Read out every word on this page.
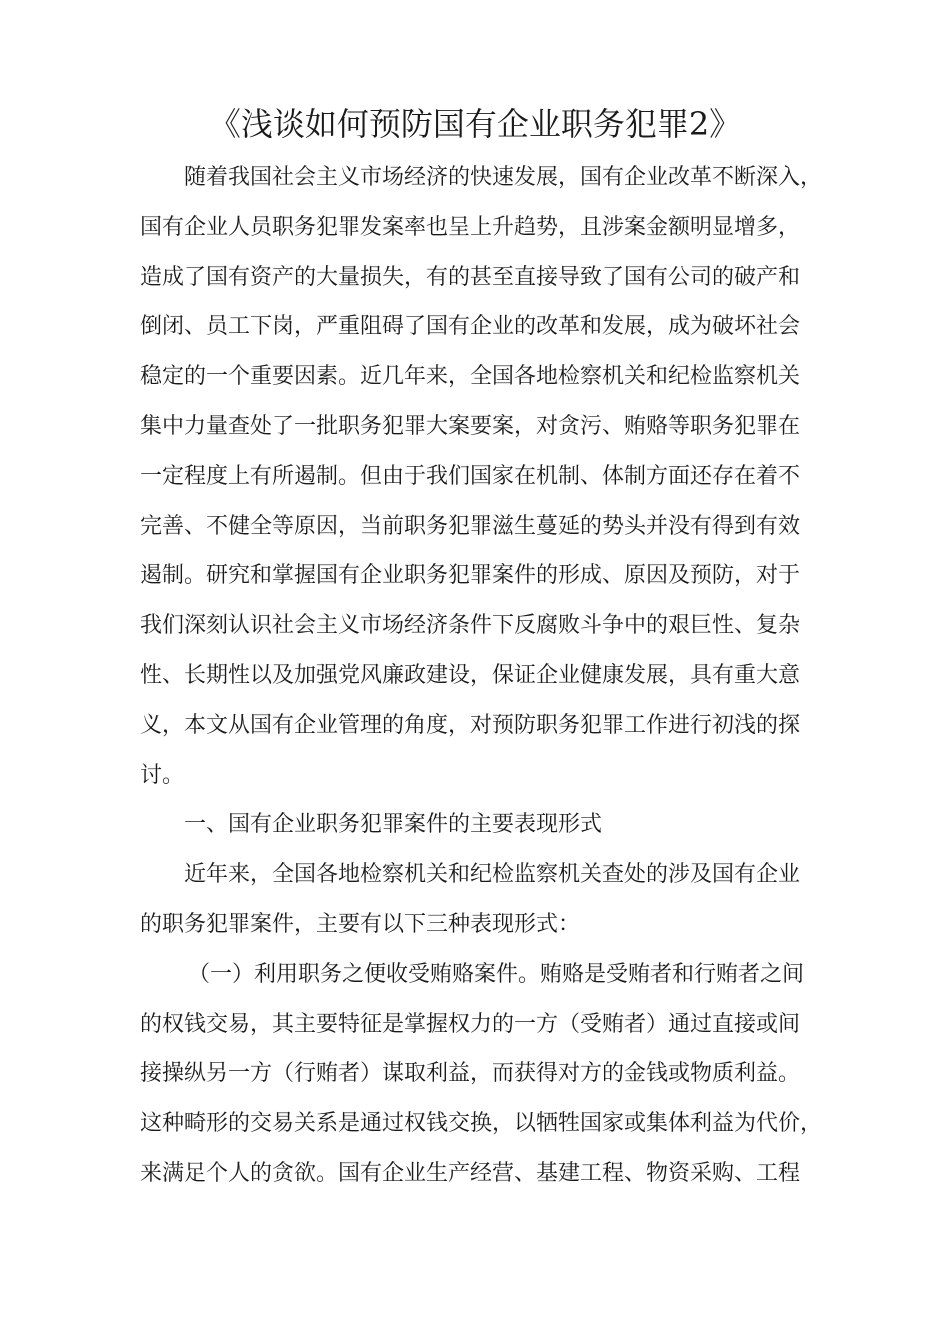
《浅谈如何预防国有企业职务犯罪2》
随着我国社会主义市场经济的快速发展，国有企业改革不断深入，
国有企业人员职务犯罪发案率也呈上升趋势，且涉案金额明显增多，
造成了国有资产的大量损失，有的甚至直接导致了国有公司的破产和
倒闭、员工下岗，严重阻碍了国有企业的改革和发展，成为破坏社会
稳定的一个重要因素。近几年来，全国各地检察机关和纪检监察机关
集中力量查处了一批职务犯罪大案要案，对贪污、贿赂等职务犯罪在
一定程度上有所遏制。但由于我们国家在机制、体制方面还存在着不
完善、不健全等原因，当前职务犯罪滋生蔓延的势头并没有得到有效
遏制。研究和掌握国有企业职务犯罪案件的形成、原因及预防，对于
我们深刻认识社会主义市场经济条件下反腐败斗争中的艰巨性、复杂
性、长期性以及加强党风廉政建设，保证企业健康发展，具有重大意
义，本文从国有企业管理的角度，对预防职务犯罪工作进行初浅的探
讨。
一、国有企业职务犯罪案件的主要表现形式
近年来，全国各地检察机关和纪检监察机关查处的涉及国有企业
的职务犯罪案件，主要有以下三种表现形式：
（一）利用职务之便收受贿赂案件。贿赂是受贿者和行贿者之间
的权钱交易，其主要特征是掌握权力的一方（受贿者）通过直接或间
接操纵另一方（行贿者）谋取利益，而获得对方的金钱或物质利益。
这种畸形的交易关系是通过权钱交换，以牺牲国家或集体利益为代价，
来满足个人的贪欲。国有企业生产经营、基建工程、物资采购、工程
